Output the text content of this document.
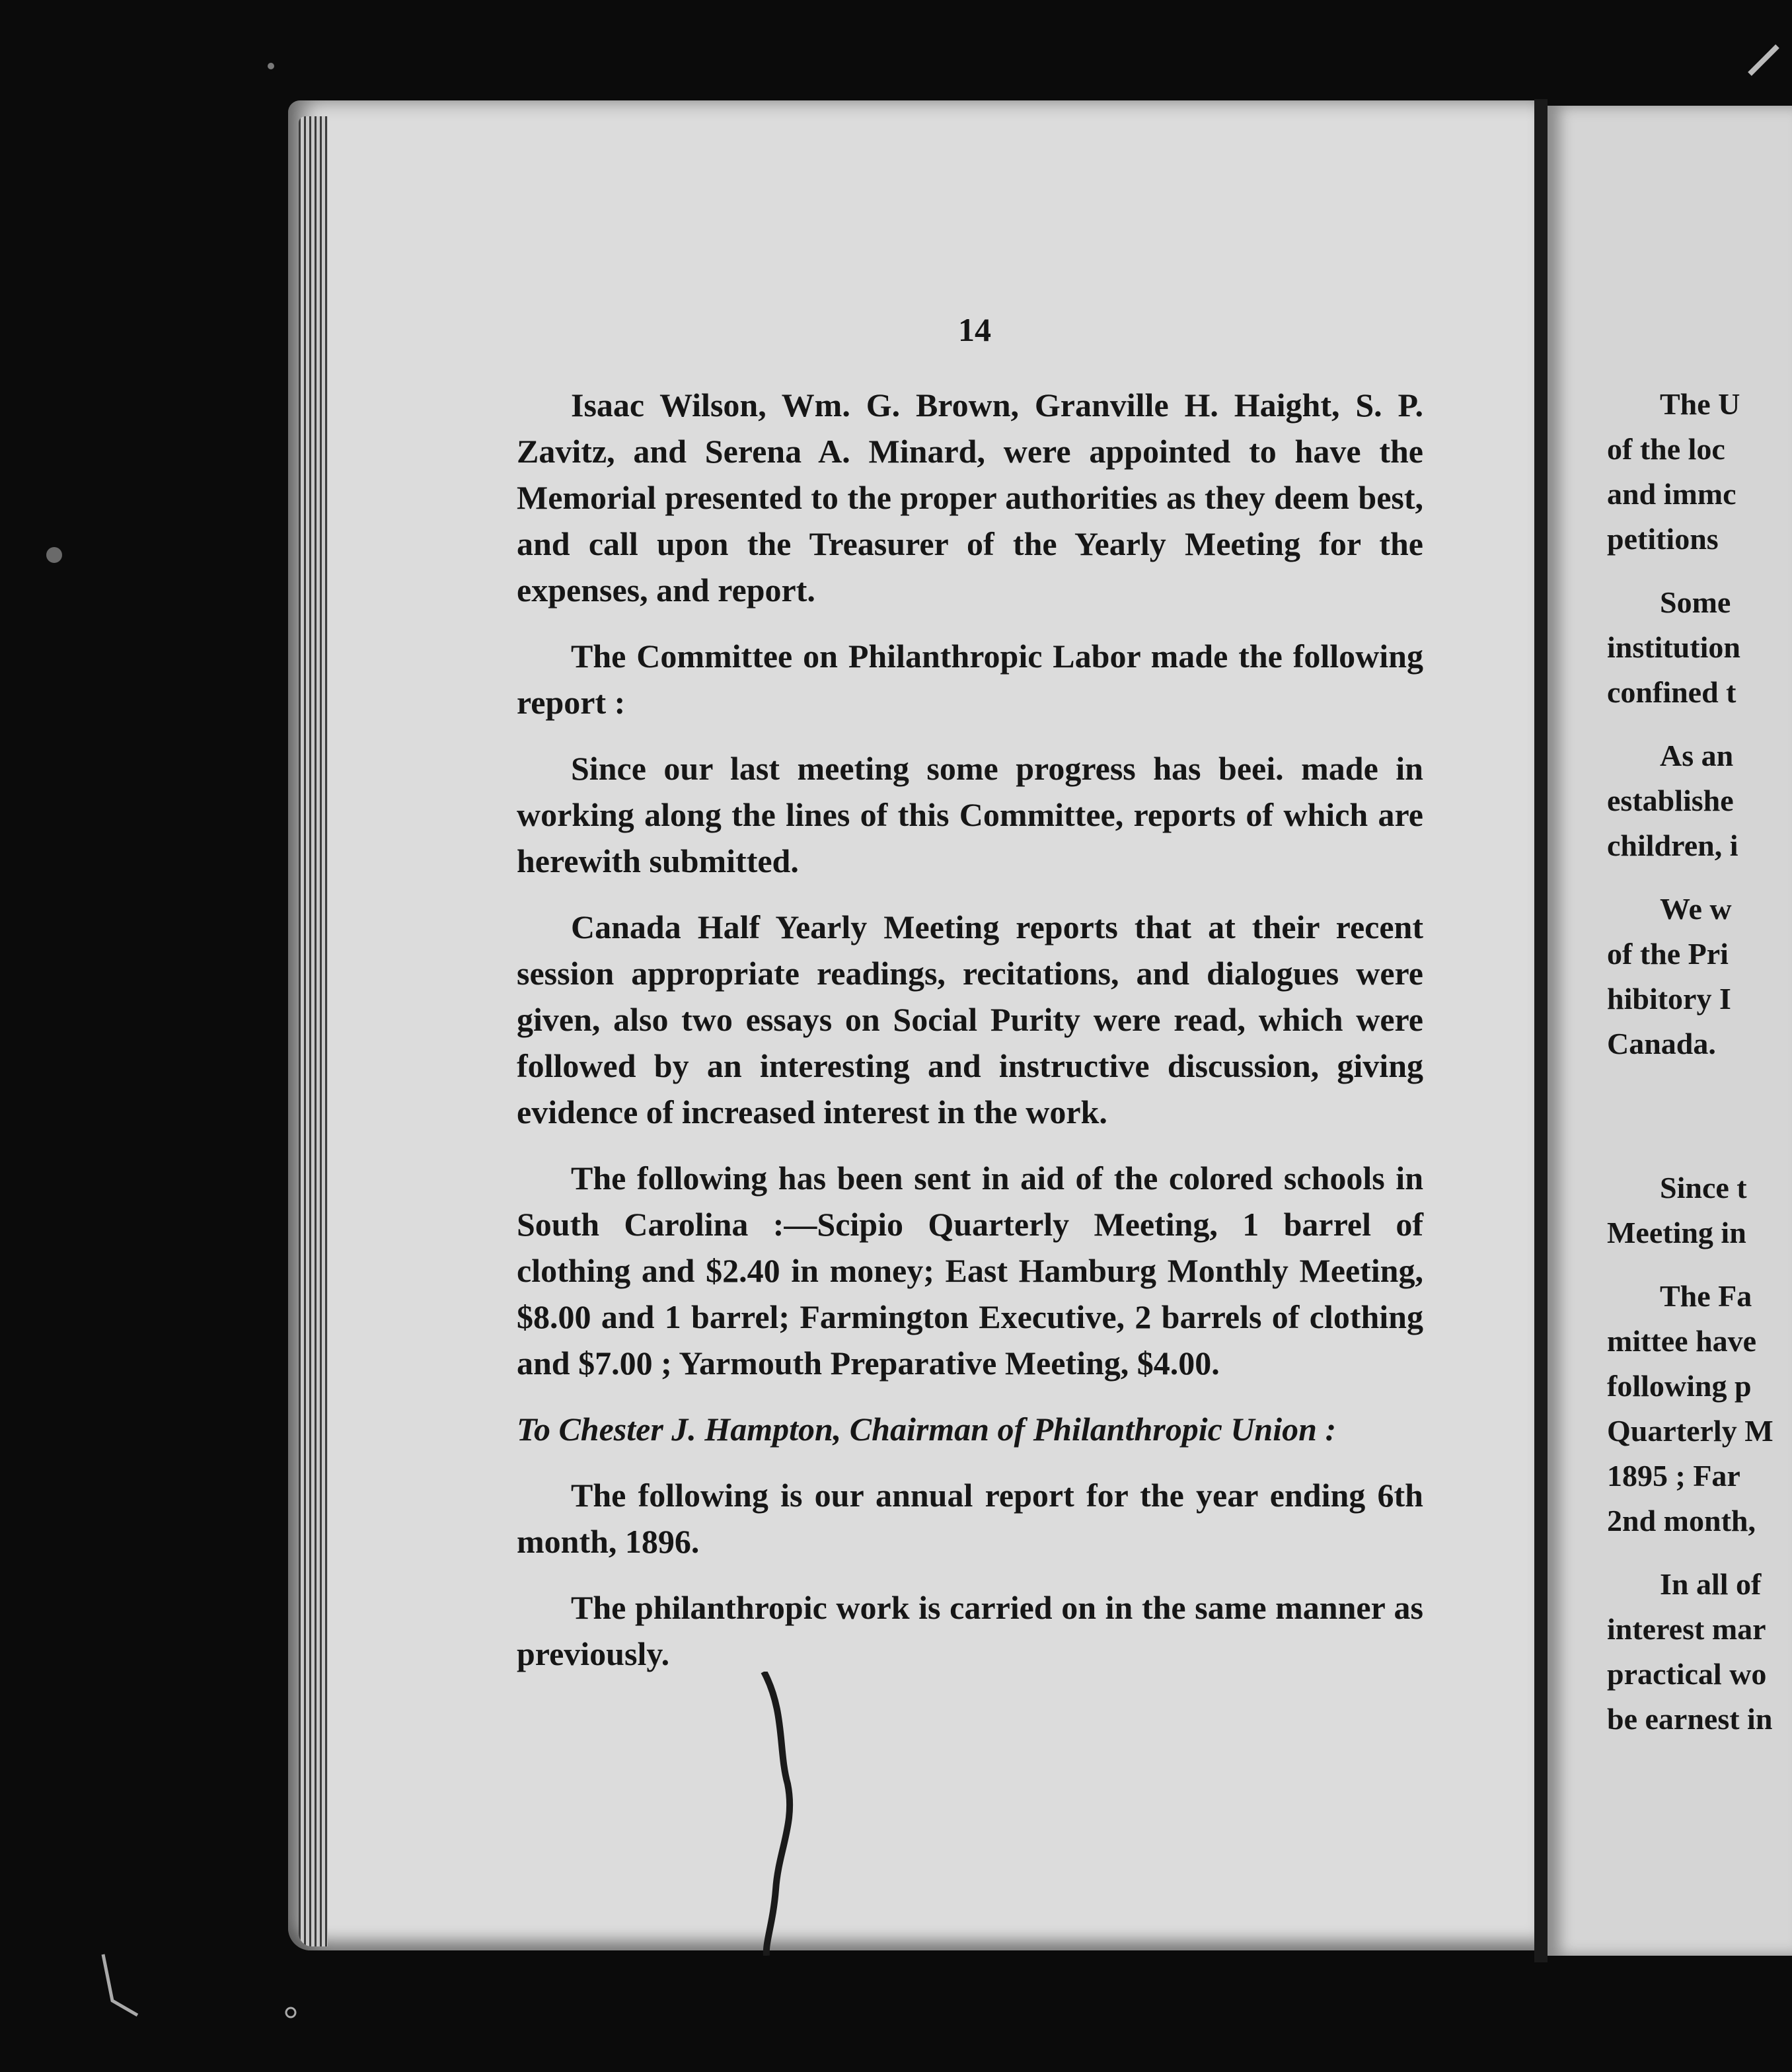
14

Isaac Wilson, Wm. G. Brown, Granville H. Haight, S. P. Zavitz, and Serena A. Minard, were appointed to have the Memorial presented to the proper authorities as they deem best, and call upon the Treasurer of the Yearly Meeting for the expenses, and report.

The Committee on Philanthropic Labor made the following report :

Since our last meeting some progress has beei. made in working along the lines of this Committee, reports of which are herewith submitted.

Canada Half Yearly Meeting reports that at their recent session appropriate readings, recitations, and dialogues were given, also two essays on Social Purity were read, which were followed by an interesting and instructive discussion, giving evidence of increased interest in the work.

The following has been sent in aid of the colored schools in South Carolina :—Scipio Quarterly Meeting, 1 barrel of clothing and $2.40 in money; East Hamburg Monthly Meeting, $8.00 and 1 barrel; Farmington Executive, 2 barrels of clothing and $7.00 ; Yarmouth Preparative Meeting, $4.00.

To Chester J. Hampton, Chairman of Philanthropic Union :

The following is our annual report for the year ending 6th month, 1896.

The philanthropic work is carried on in the same manner as previously.

The U
of the loc
and immc
petitions
Some
institution
confined t
As an
establishe
children, i
We w
of the Pri
hibitory I
Canada.
Since t
Meeting in
The Fa
mittee have
following p
Quarterly M
1895 ; Far
2nd month,
In all of
interest mar
practical wo
be earnest in
